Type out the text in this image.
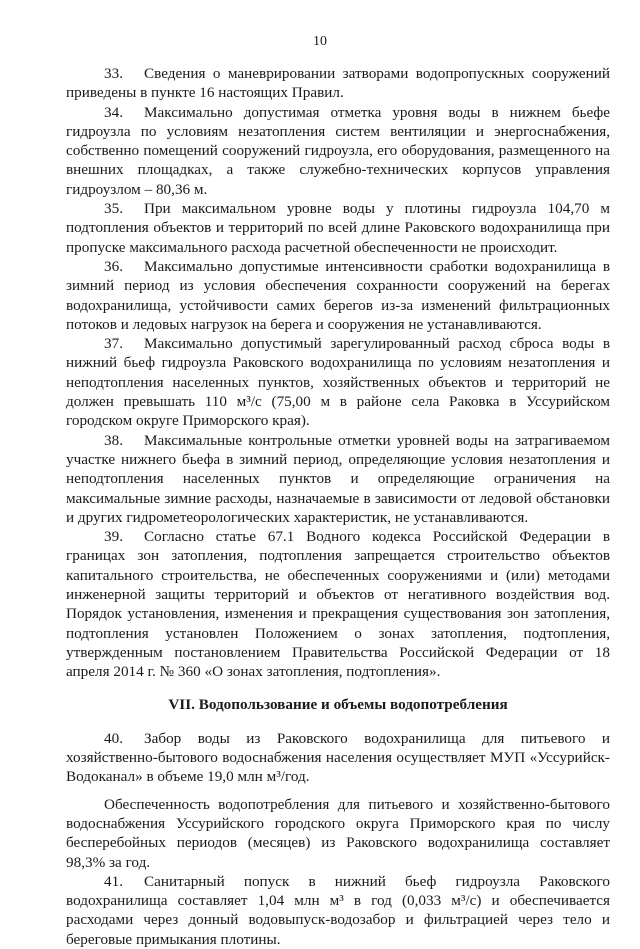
10

33. Сведения о маневрировании затворами водопропускных сооружений приведены в пункте 16 настоящих Правил.

34. Максимально допустимая отметка уровня воды в нижнем бьефе гидроузла по условиям незатопления систем вентиляции и энергоснабжения, собственно помещений сооружений гидроузла, его оборудования, размещенного на внешних площадках, а также служебно-технических корпусов управления гидроузлом – 80,36 м.

35. При максимальном уровне воды у плотины гидроузла 104,70 м подтопления объектов и территорий по всей длине Раковского водохранилища при пропуске максимального расхода расчетной обеспеченности не происходит.

36. Максимально допустимые интенсивности сработки водохранилища в зимний период из условия обеспечения сохранности сооружений на берегах водохранилища, устойчивости самих берегов из-за изменений фильтрационных потоков и ледовых нагрузок на берега и сооружения не устанавливаются.

37. Максимально допустимый зарегулированный расход сброса воды в нижний бьеф гидроузла Раковского водохранилища по условиям незатопления и неподтопления населенных пунктов, хозяйственных объектов и территорий не должен превышать 110 м³/с (75,00 м в районе села Раковка в Уссурийском городском округе Приморского края).

38. Максимальные контрольные отметки уровней воды на затрагиваемом участке нижнего бьефа в зимний период, определяющие условия незатопления и неподтопления населенных пунктов и определяющие ограничения на максимальные зимние расходы, назначаемые в зависимости от ледовой обстановки и других гидрометеорологических характеристик, не устанавливаются.

39. Согласно статье 67.1 Водного кодекса Российской Федерации в границах зон затопления, подтопления запрещается строительство объектов капитального строительства, не обеспеченных сооружениями и (или) методами инженерной защиты территорий и объектов от негативного воздействия вод. Порядок установления, изменения и прекращения существования зон затопления, подтопления установлен Положением о зонах затопления, подтопления, утвержденным постановлением Правительства Российской Федерации от 18 апреля 2014 г. № 360 «О зонах затопления, подтопления».

VII. Водопользование и объемы водопотребления

40. Забор воды из Раковского водохранилища для питьевого и хозяйственно-бытового водоснабжения населения осуществляет МУП «Уссурийск-Водоканал» в объеме 19,0 млн м³/год.

Обеспеченность водопотребления для питьевого и хозяйственно-бытового водоснабжения Уссурийского городского округа Приморского края по числу бесперебойных периодов (месяцев) из Раковского водохранилища составляет 98,3% за год.

41. Санитарный попуск в нижний бьеф гидроузла Раковского водохранилища составляет 1,04 млн м³ в год (0,033 м³/с) и обеспечивается расходами через донный водовыпуск-водозабор и фильтрацией через тело и береговые примыкания плотины.
